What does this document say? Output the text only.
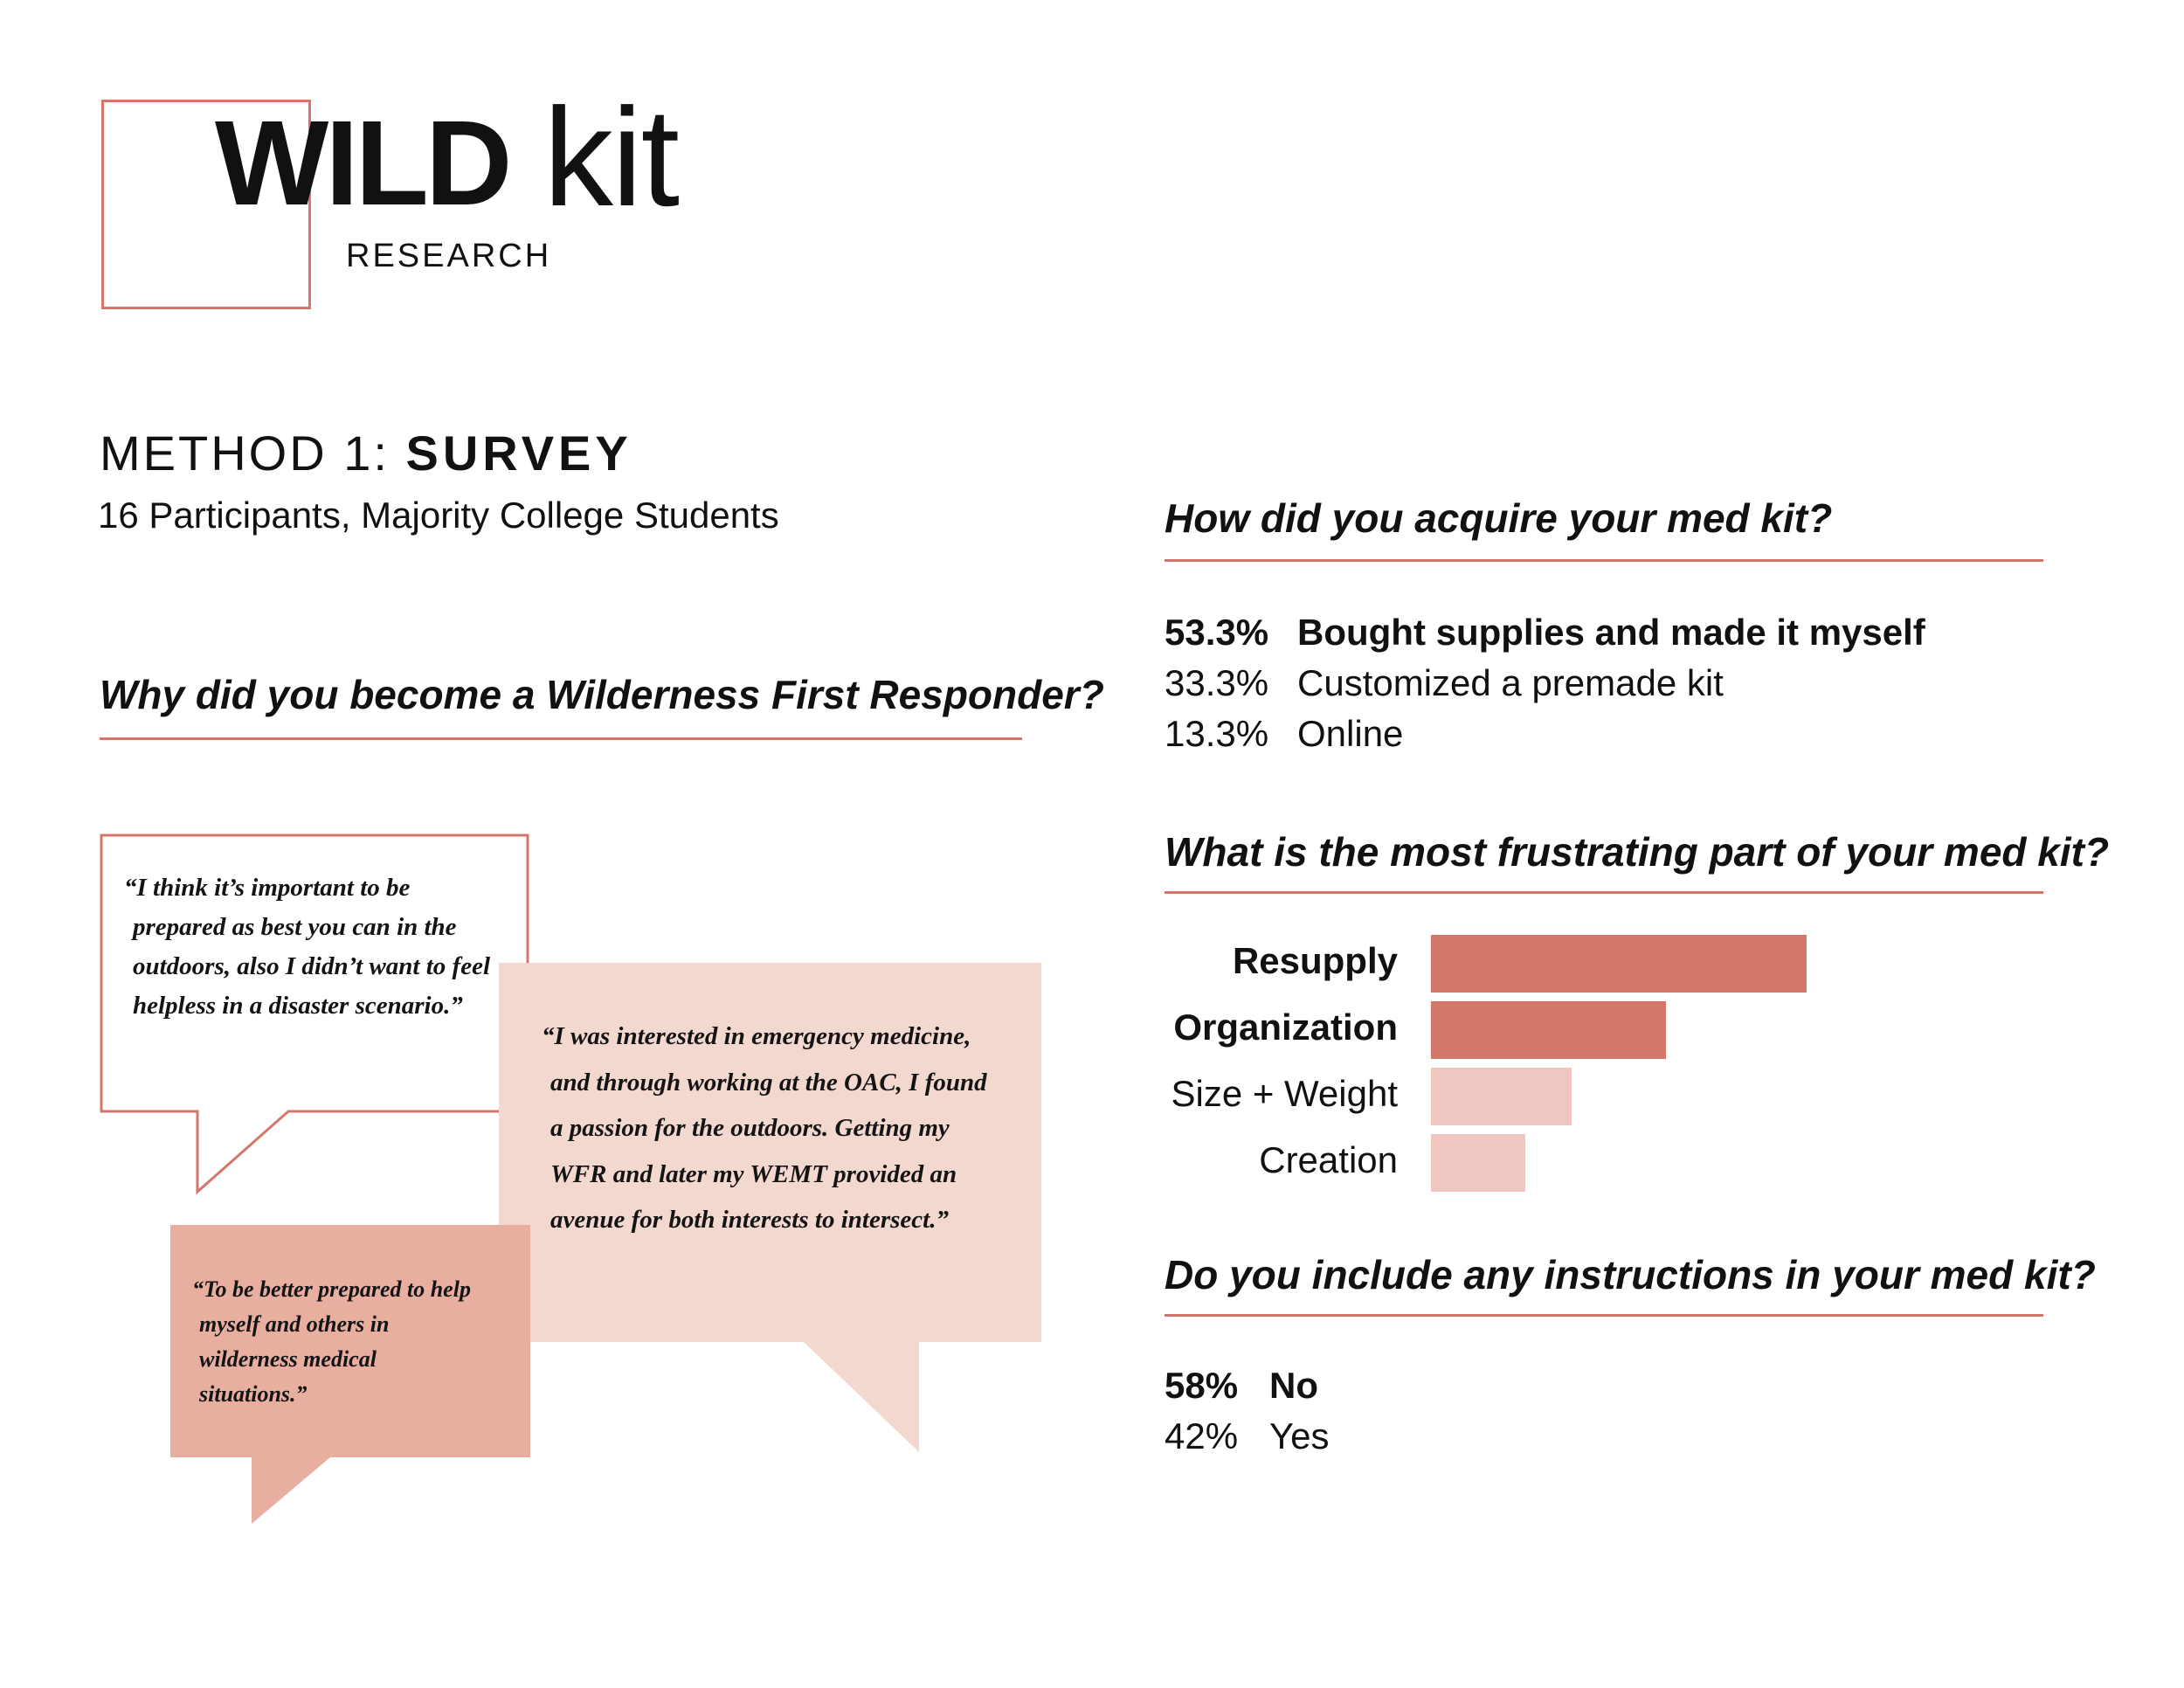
WILD kit
RESEARCH
METHOD 1: SURVEY
16 Participants, Majority College Students
Why did you become a Wilderness First Responder?
“I think it’s important to be prepared as best you can in the outdoors, also I didn’t want to feel helpless in a disaster scenario.”
“I was interested in emergency medicine, and through working at the OAC, I found a passion for the outdoors. Getting my WFR and later my WEMT provided an avenue for both interests to intersect.”
“To be better prepared to help myself and others in wilderness medical situations.”
How did you acquire your med kit?
53.3% Bought supplies and made it myself
33.3% Customized a premade kit
13.3% Online
What is the most frustrating part of your med kit?
Resupply
Organization
Size + Weight
Creation
Do you include any instructions in your med kit?
58% No
42% Yes
